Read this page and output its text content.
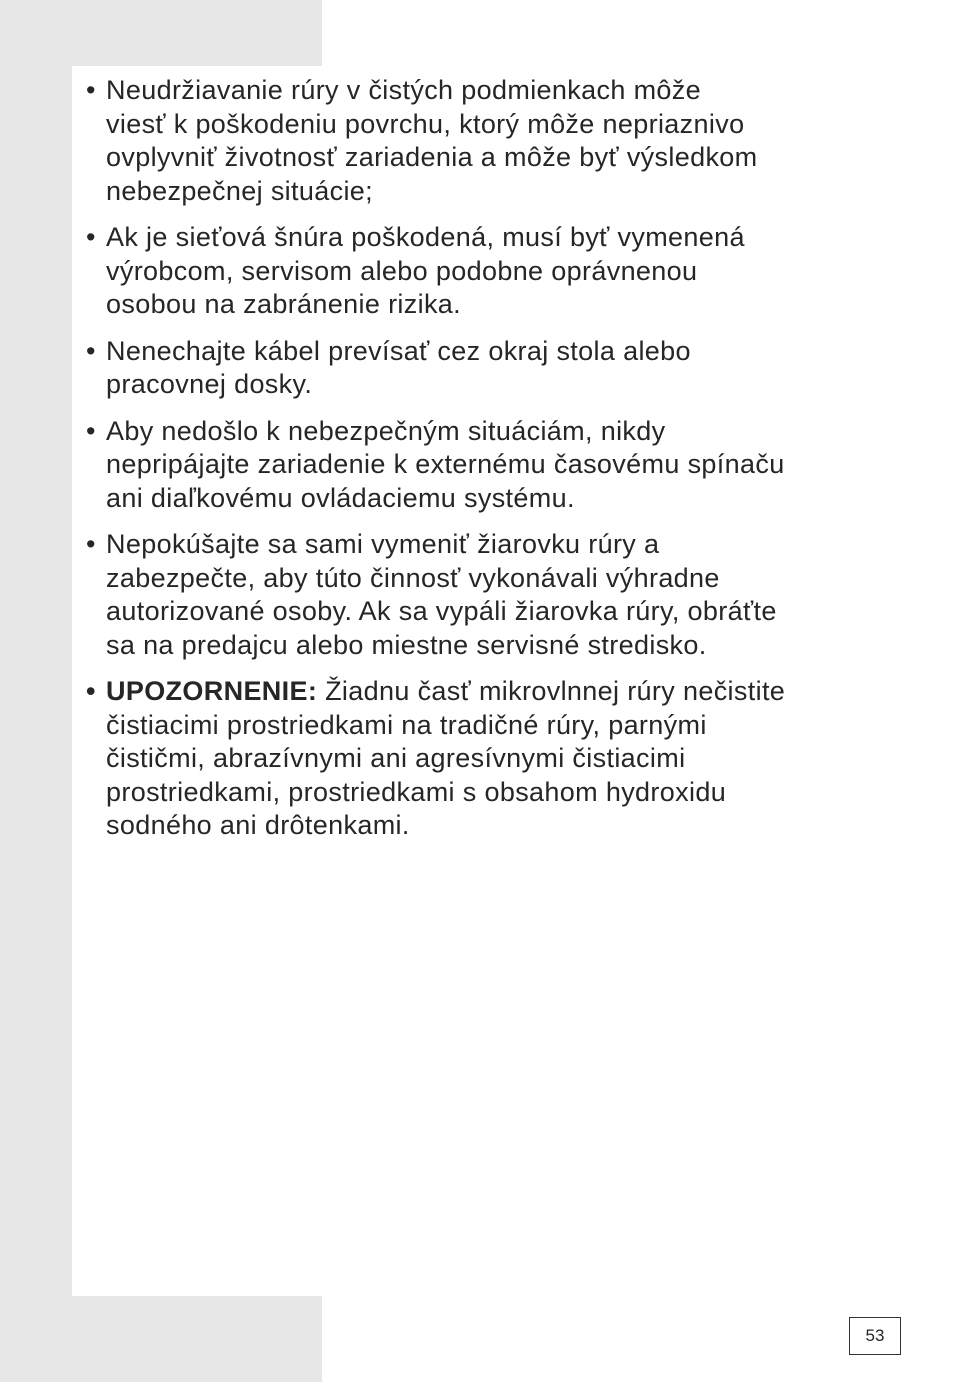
• Neudržiavanie rúry v čistých podmienkach môže
viesť k poškodeniu povrchu, ktorý môže nepriaznivo
ovplyvniť životnosť zariadenia a môže byť výsledkom
nebezpečnej situácie;
• Ak je sieťová šnúra poškodená, musí byť vymenená
výrobcom, servisom alebo podobne oprávnenou
osobou na zabránenie rizika.
• Nenechajte kábel prevísať cez okraj stola alebo
pracovnej dosky.
• Aby nedošlo k nebezpečným situáciám, nikdy
nepripájajte zariadenie k externému časovému spínaču
ani diaľkovému ovládaciemu systému.
• Nepokúšajte sa sami vymeniť žiarovku rúry a
zabezpečte, aby túto činnosť vykonávali výhradne
autorizované osoby. Ak sa vypáli žiarovka rúry, obráťte
sa na predajcu alebo miestne servisné stredisko.
• UPOZORNENIE: Žiadnu časť mikrovlnnej rúry nečistite
čistiacimi prostriedkami na tradičné rúry, parnými
čističmi, abrazívnymi ani agresívnymi čistiacimi
prostriedkami, prostriedkami s obsahom hydroxidu
sodného ani drôtenkami.
53
